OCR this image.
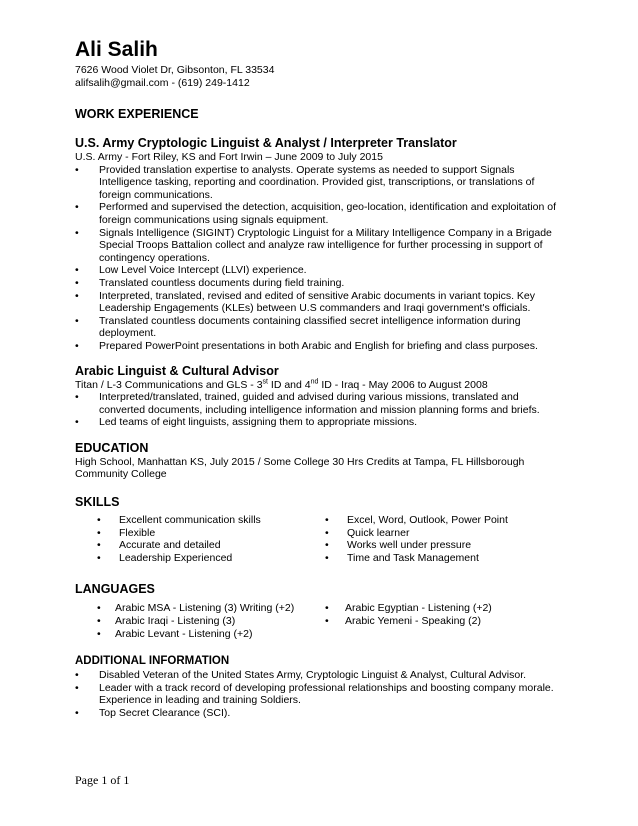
Ali Salih
7626 Wood Violet Dr, Gibsonton, FL 33534
alifsalih@gmail.com - (619) 249-1412
WORK EXPERIENCE
U.S. Army Cryptologic Linguist & Analyst / Interpreter Translator
U.S. Army - Fort Riley, KS and Fort Irwin – June 2009 to July 2015
• Provided translation expertise to analysts. Operate systems as needed to support Signals Intelligence tasking, reporting and coordination. Provided gist, transcriptions, or translations of foreign communications.
• Performed and supervised the detection, acquisition, geo-location, identification and exploitation of foreign communications using signals equipment.
• Signals Intelligence (SIGINT) Cryptologic Linguist for a Military Intelligence Company in a Brigade Special Troops Battalion collect and analyze raw intelligence for further processing in support of contingency operations.
• Low Level Voice Intercept (LLVI) experience.
• Translated countless documents during field training.
• Interpreted, translated, revised and edited of sensitive Arabic documents in variant topics. Key Leadership Engagements (KLEs) between U.S commanders and Iraqi government's officials.
• Translated countless documents containing classified secret intelligence information during deployment.
• Prepared PowerPoint presentations in both Arabic and English for briefing and class purposes.
Arabic Linguist & Cultural Advisor
Titan / L-3 Communications and GLS - 3st ID and 4nd ID - Iraq - May 2006 to August 2008
• Interpreted/translated, trained, guided and advised during various missions, translated and converted documents, including intelligence information and mission planning forms and briefs.
• Led teams of eight linguists, assigning them to appropriate missions.
EDUCATION
High School, Manhattan KS, July 2015 / Some College 30 Hrs Credits at Tampa, FL Hillsborough Community College
SKILLS
• Excellent communication skills
• Flexible
• Accurate and detailed
• Leadership Experienced
• Excel, Word, Outlook, Power Point
• Quick learner
• Works well under pressure
• Time and Task Management
LANGUAGES
• Arabic MSA - Listening (3) Writing (+2)
• Arabic Iraqi - Listening (3)
• Arabic Levant - Listening (+2)
• Arabic Egyptian - Listening (+2)
• Arabic Yemeni - Speaking (2)
ADDITIONAL INFORMATION
• Disabled Veteran of the United States Army, Cryptologic Linguist & Analyst, Cultural Advisor.
• Leader with a track record of developing professional relationships and boosting company morale. Experience in leading and training Soldiers.
• Top Secret Clearance (SCI).
Page 1 of 1
